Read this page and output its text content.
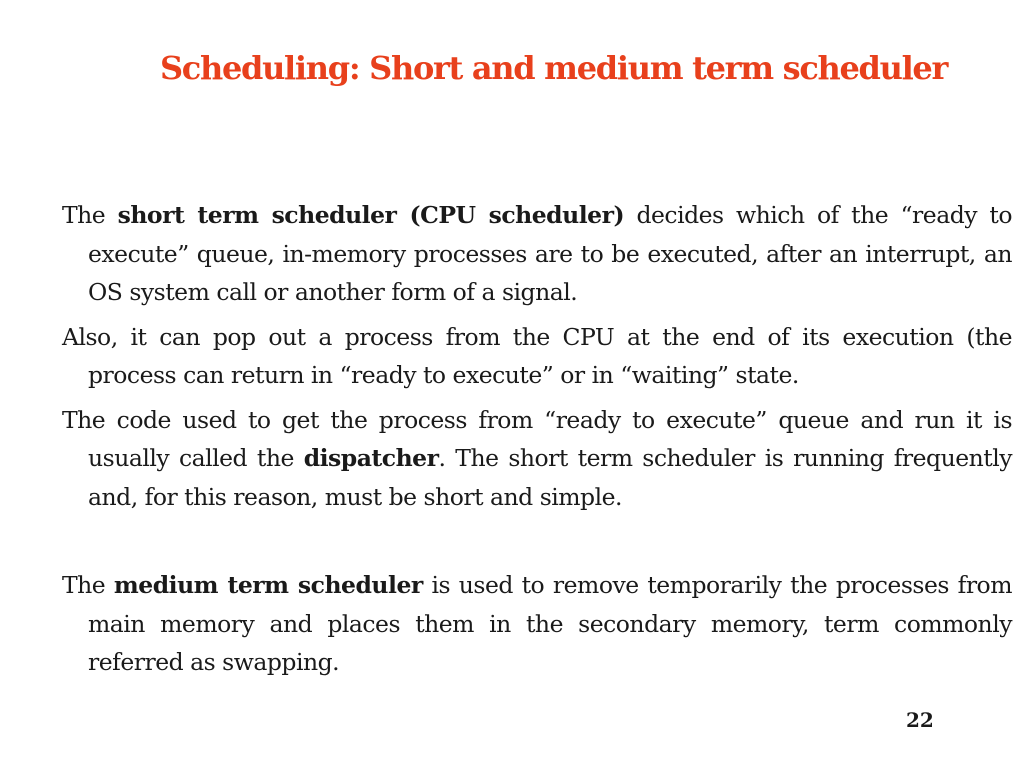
Scheduling: Short and medium term scheduler

The short term scheduler (CPU scheduler) decides which of the “ready to execute” queue, in-memory processes are to be executed, after an interrupt, an OS system call or another form of a signal.

Also, it can pop out a process from the CPU at the end of its execution (the process can return in “ready to execute” or in “waiting” state.

The code used to get the process from “ready to execute” queue and run it is usually called the dispatcher. The short term scheduler is running frequently and, for this reason, must be short and simple.

The medium term scheduler is used to remove temporarily the processes from main memory and places them in the secondary memory, term commonly referred as swapping.

22
